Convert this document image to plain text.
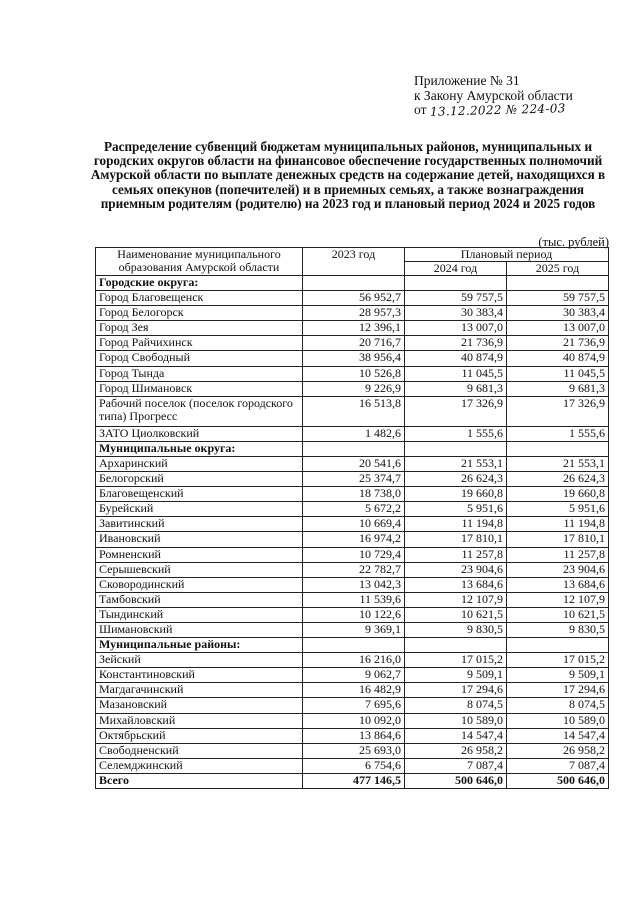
Приложение № 31
к Закону Амурской области
от 13.12.2022 № 224-03
Распределение субвенций бюджетам муниципальных районов, муниципальных и городских округов области на финансовое обеспечение государственных полномочий Амурской области по выплате денежных средств на содержание детей, находящихся в семьях опекунов (попечителей) и в приемных семьях, а также вознаграждения приемным родителям (родителю) на 2023 год и плановый период 2024 и 2025 годов
(тыс. рублей)
Наименование муниципального образования Амурской области	2023 год	Плановый период	
		2024 год	2025 год
Городские округа:			
Город Благовещенск	56 952,7	59 757,5	59 757,5
Город Белогорск	28 957,3	30 383,4	30 383,4
Город Зея	12 396,1	13 007,0	13 007,0
Город Райчихинск	20 716,7	21 736,9	21 736,9
Город Свободный	38 956,4	40 874,9	40 874,9
Город Тында	10 526,8	11 045,5	11 045,5
Город Шимановск	9 226,9	9 681,3	9 681,3
Рабочий поселок (поселок городского типа) Прогресс	16 513,8	17 326,9	17 326,9
ЗАТО Циолковский	1 482,6	1 555,6	1 555,6
Муниципальные округа:			
Архаринский	20 541,6	21 553,1	21 553,1
Белогорский	25 374,7	26 624,3	26 624,3
Благовещенский	18 738,0	19 660,8	19 660,8
Бурейский	5 672,2	5 951,6	5 951,6
Завитинский	10 669,4	11 194,8	11 194,8
Ивановский	16 974,2	17 810,1	17 810,1
Ромненский	10 729,4	11 257,8	11 257,8
Серышевский	22 782,7	23 904,6	23 904,6
Сковородинский	13 042,3	13 684,6	13 684,6
Тамбовский	11 539,6	12 107,9	12 107,9
Тындинский	10 122,6	10 621,5	10 621,5
Шимановский	9 369,1	9 830,5	9 830,5
Муниципальные районы:			
Зейский	16 216,0	17 015,2	17 015,2
Константиновский	9 062,7	9 509,1	9 509,1
Магдагачинский	16 482,9	17 294,6	17 294,6
Мазановский	7 695,6	8 074,5	8 074,5
Михайловский	10 092,0	10 589,0	10 589,0
Октябрьский	13 864,6	14 547,4	14 547,4
Свободненский	25 693,0	26 958,2	26 958,2
Селемджинский	6 754,6	7 087,4	7 087,4
Всего	477 146,5	500 646,0	500 646,0
